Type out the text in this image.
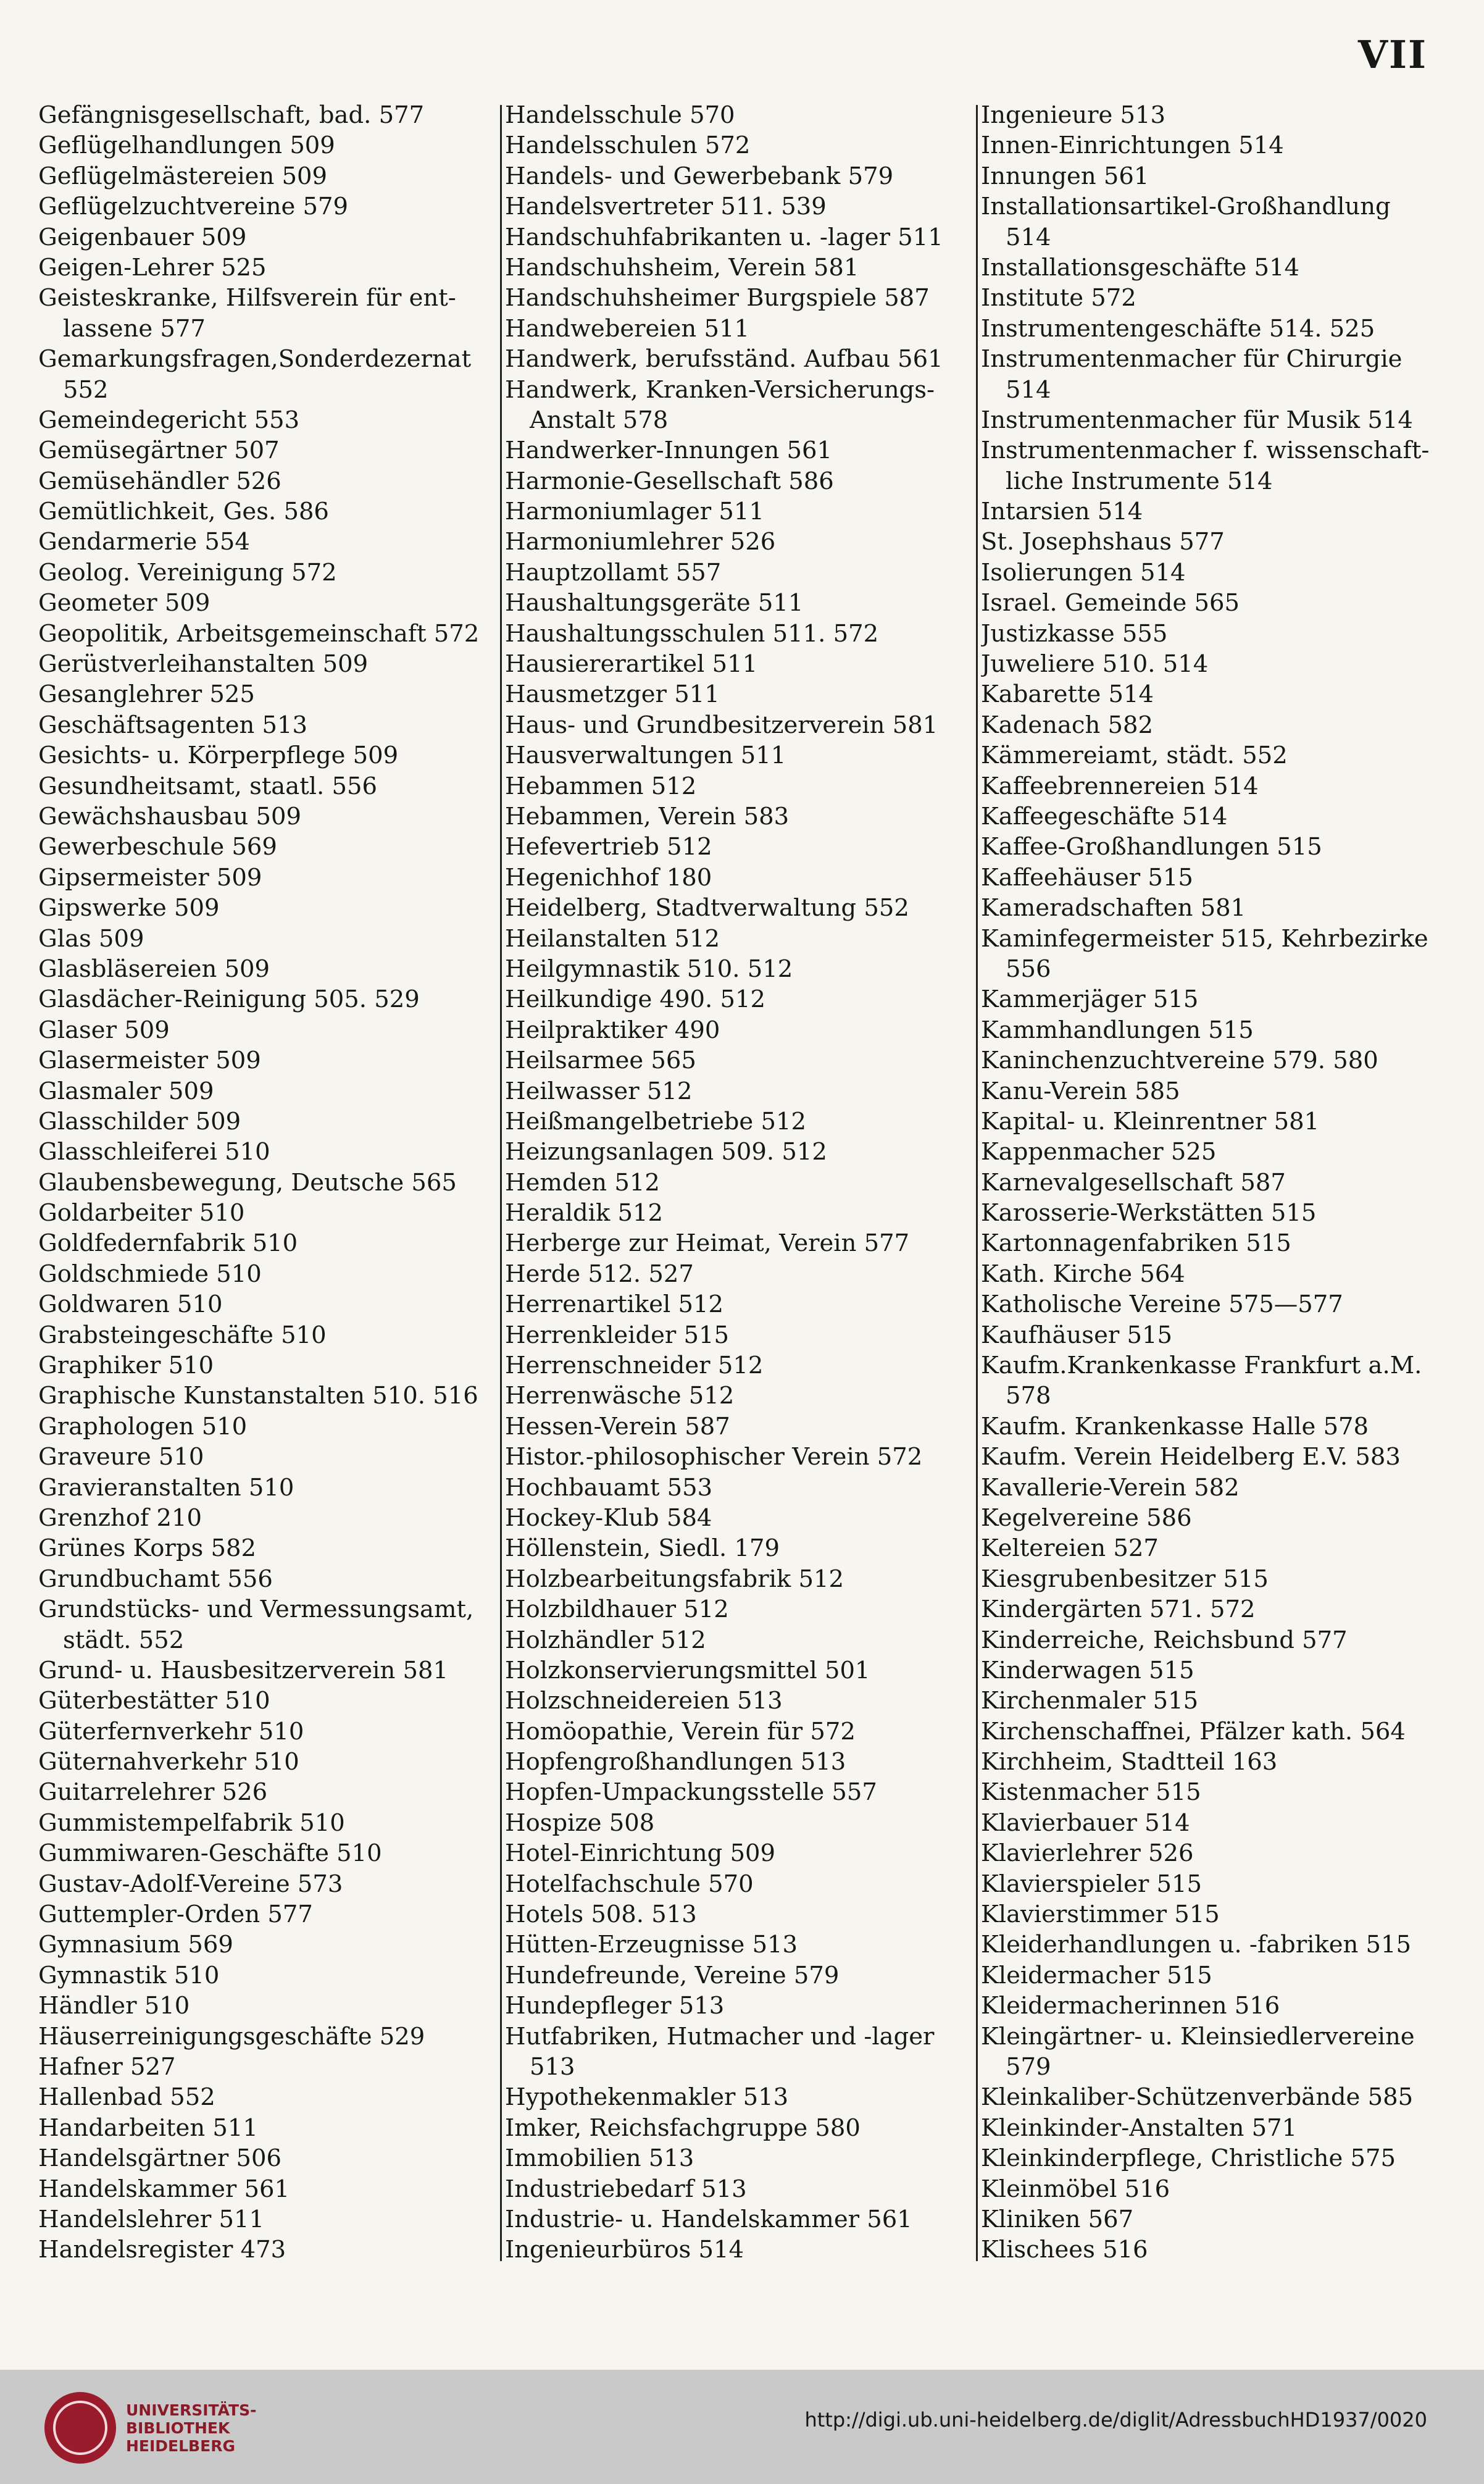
VII
Gefängnisgesellschaft, bad. 577
Geflügelhandlungen 509
Geflügelmästereien 509
Geflügelzuchtvereine 579
Geigenbauer 509
Geigen-Lehrer 525
Geisteskranke, Hilfsverein für ent-
lassene 577
Gemarkungsfragen,Sonderdezernat
552
Gemeindegericht 553
Gemüsegärtner 507
Gemüsehändler 526
Gemütlichkeit, Ges. 586
Gendarmerie 554
Geolog. Vereinigung 572
Geometer 509
Geopolitik, Arbeitsgemeinschaft 572
Gerüstverleihanstalten 509
Gesanglehrer 525
Geschäftsagenten 513
Gesichts- u. Körperpflege 509
Gesundheitsamt, staatl. 556
Gewächshausbau 509
Gewerbeschule 569
Gipsermeister 509
Gipswerke 509
Glas 509
Glasbläsereien 509
Glasdächer-Reinigung 505. 529
Glaser 509
Glasermeister 509
Glasmaler 509
Glasschilder 509
Glasschleiferei 510
Glaubensbewegung, Deutsche 565
Goldarbeiter 510
Goldfedernfabrik 510
Goldschmiede 510
Goldwaren 510
Grabsteingeschäfte 510
Graphiker 510
Graphische Kunstanstalten 510. 516
Graphologen 510
Graveure 510
Gravieranstalten 510
Grenzhof 210
Grünes Korps 582
Grundbuchamt 556
Grundstücks- und Vermessungsamt,
städt. 552
Grund- u. Hausbesitzerverein 581
Güterbestätter 510
Güterfernverkehr 510
Güternahverkehr 510
Guitarrelehrer 526
Gummistempelfabrik 510
Gummiwaren-Geschäfte 510
Gustav-Adolf-Vereine 573
Guttempler-Orden 577
Gymnasium 569
Gymnastik 510
Händler 510
Häuserreinigungsgeschäfte 529
Hafner 527
Hallenbad 552
Handarbeiten 511
Handelsgärtner 506
Handelskammer 561
Handelslehrer 511
Handelsregister 473
Handelsschule 570
Handelsschulen 572
Handels- und Gewerbebank 579
Handelsvertreter 511. 539
Handschuhfabrikanten u. -lager 511
Handschuhsheim, Verein 581
Handschuhsheimer Burgspiele 587
Handwebereien 511
Handwerk, berufsständ. Aufbau 561
Handwerk, Kranken-Versicherungs-
Anstalt 578
Handwerker-Innungen 561
Harmonie-Gesellschaft 586
Harmoniumlager 511
Harmoniumlehrer 526
Hauptzollamt 557
Haushaltungsgeräte 511
Haushaltungsschulen 511. 572
Hausiererartikel 511
Hausmetzger 511
Haus- und Grundbesitzerverein 581
Hausverwaltungen 511
Hebammen 512
Hebammen, Verein 583
Hefevertrieb 512
Hegenichhof 180
Heidelberg, Stadtverwaltung 552
Heilanstalten 512
Heilgymnastik 510. 512
Heilkundige 490. 512
Heilpraktiker 490
Heilsarmee 565
Heilwasser 512
Heißmangelbetriebe 512
Heizungsanlagen 509. 512
Hemden 512
Heraldik 512
Herberge zur Heimat, Verein 577
Herde 512. 527
Herrenartikel 512
Herrenkleider 515
Herrenschneider 512
Herrenwäsche 512
Hessen-Verein 587
Histor.-philosophischer Verein 572
Hochbauamt 553
Hockey-Klub 584
Höllenstein, Siedl. 179
Holzbearbeitungsfabrik 512
Holzbildhauer 512
Holzhändler 512
Holzkonservierungsmittel 501
Holzschneidereien 513
Homöopathie, Verein für 572
Hopfengroßhandlungen 513
Hopfen-Umpackungsstelle 557
Hospize 508
Hotel-Einrichtung 509
Hotelfachschule 570
Hotels 508. 513
Hütten-Erzeugnisse 513
Hundefreunde, Vereine 579
Hundepfleger 513
Hutfabriken, Hutmacher und -lager
513
Hypothekenmakler 513
Imker, Reichsfachgruppe 580
Immobilien 513
Industriebedarf 513
Industrie- u. Handelskammer 561
Ingenieurbüros 514
Ingenieure 513
Innen-Einrichtungen 514
Innungen 561
Installationsartikel-Großhandlung
514
Installationsgeschäfte 514
Institute 572
Instrumentengeschäfte 514. 525
Instrumentenmacher für Chirurgie
514
Instrumentenmacher für Musik 514
Instrumentenmacher f. wissenschaft-
liche Instrumente 514
Intarsien 514
St. Josephshaus 577
Isolierungen 514
Israel. Gemeinde 565
Justizkasse 555
Juweliere 510. 514
Kabarette 514
Kadenach 582
Kämmereiamt, städt. 552
Kaffeebrennereien 514
Kaffeegeschäfte 514
Kaffee-Großhandlungen 515
Kaffeehäuser 515
Kameradschaften 581
Kaminfegermeister 515, Kehrbezirke
556
Kammerjäger 515
Kammhandlungen 515
Kaninchenzuchtvereine 579. 580
Kanu-Verein 585
Kapital- u. Kleinrentner 581
Kappenmacher 525
Karnevalgesellschaft 587
Karosserie-Werkstätten 515
Kartonnagenfabriken 515
Kath. Kirche 564
Katholische Vereine 575—577
Kaufhäuser 515
Kaufm.Krankenkasse Frankfurt a.M.
578
Kaufm. Krankenkasse Halle 578
Kaufm. Verein Heidelberg E.V. 583
Kavallerie-Verein 582
Kegelvereine 586
Keltereien 527
Kiesgrubenbesitzer 515
Kindergärten 571. 572
Kinderreiche, Reichsbund 577
Kinderwagen 515
Kirchenmaler 515
Kirchenschaffnei, Pfälzer kath. 564
Kirchheim, Stadtteil 163
Kistenmacher 515
Klavierbauer 514
Klavierlehrer 526
Klavierspieler 515
Klavierstimmer 515
Kleiderhandlungen u. -fabriken 515
Kleidermacher 515
Kleidermacherinnen 516
Kleingärtner- u. Kleinsiedlervereine
579
Kleinkaliber-Schützenverbände 585
Kleinkinder-Anstalten 571
Kleinkinderpflege, Christliche 575
Kleinmöbel 516
Kliniken 567
Klischees 516
UNIVERSITÄTS-
BIBLIOTHEK
HEIDELBERG
http://digi.ub.uni-heidelberg.de/diglit/AdressbuchHD1937/0020
